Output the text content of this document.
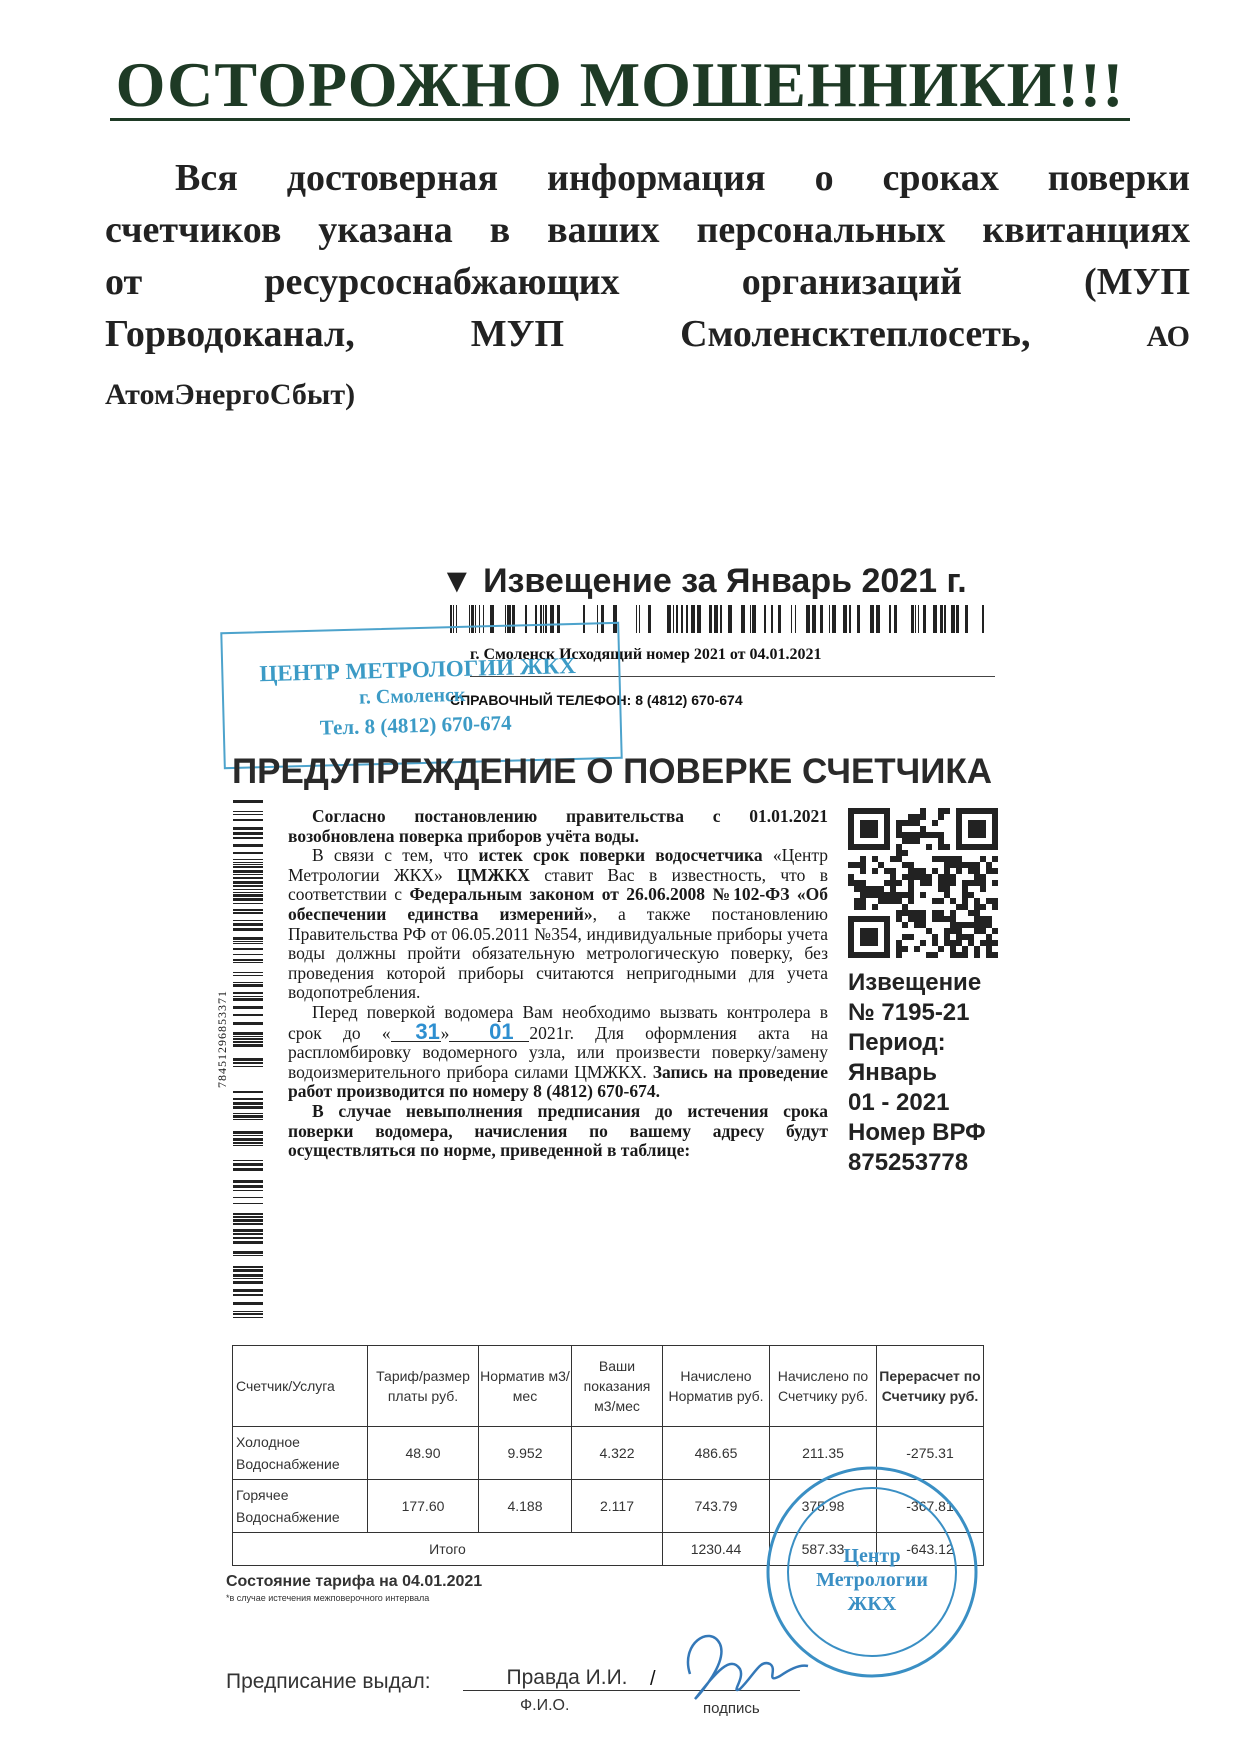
ОСТОРОЖНО МОШЕННИКИ!!!
Вся достоверная информация о сроках поверки
счетчиков указана в ваших персональных квитанциях
от	ресурсоснабжающих	организаций	(МУП
Горводоканал,	МУП	Смоленсктеплосеть,	АО
АтомЭнергоСбыт)
▼ Извещение за Январь 2021 г.
г. Смоленск Исходящий номер 2021 от 04.01.2021
СПРАВОЧНЫЙ ТЕЛЕФОН: 8 (4812) 670-674
ЦЕНТР МЕТРОЛОГИИ ЖКХ
г. Смоленск
Тел. 8 (4812) 670-674
ПРЕДУПРЕЖДЕНИЕ О ПОВЕРКЕ СЧЕТЧИКА
78451296853371

Согласно постановлению правительства с 01.01.2021 возобновлена поверка приборов учёта воды.

В связи с тем, что истек срок поверки водосчетчика «Центр Метрологии ЖКХ» ЦМЖКХ ставит Вас в известность, что в соответствии с Федеральным законом от 26.06.2008 №102-ФЗ «Об обеспечении единства измерений», а также постановлению Правительства РФ от 06.05.2011 №354, индивидуальные приборы учета воды должны пройти обязательную метрологическую поверку, без проведения которой приборы считаются непригодными для учета водопотребления.

Перед поверкой водомера Вам необходимо вызвать контролера в срок до « 31» 01 2021г. Для оформления акта на распломбировку водомерного узла, или произвести поверку/замену водоизмерительного прибора силами ЦМЖКХ. Запись на проведение работ производится по номеру 8 (4812) 670-674.

В случае невыполнения предписания до истечения срока поверки водомера, начисления по вашему адресу будут осуществляться по норме, приведенной в таблице:

Извещение
№ 7195-21
Период:
Январь
01 - 2021
Номер ВРФ
875253778
Счетчик/Услуга	Тариф/размер платы руб.	Норматив м3/мес	Ваши показания м3/мес	Начислено Норматив руб.	Начислено по Счетчику руб.	Перерасчет по Счетчику руб.
Холодное Водоснабжение	48.90	9.952	4.322	486.65	211.35	-275.31
Горячее Водоснабжение	177.60	4.188	2.117	743.79	375.98	-367.81
Итого				1230.44	587.33	-643.12
Состояние тарифа на 04.01.2021
*в случае истечения межповерочного интервала
Предписание выдал:	Правда И.И.
Ф.И.О.
/
подпись
Центр
Метрологии
ЖКХ
